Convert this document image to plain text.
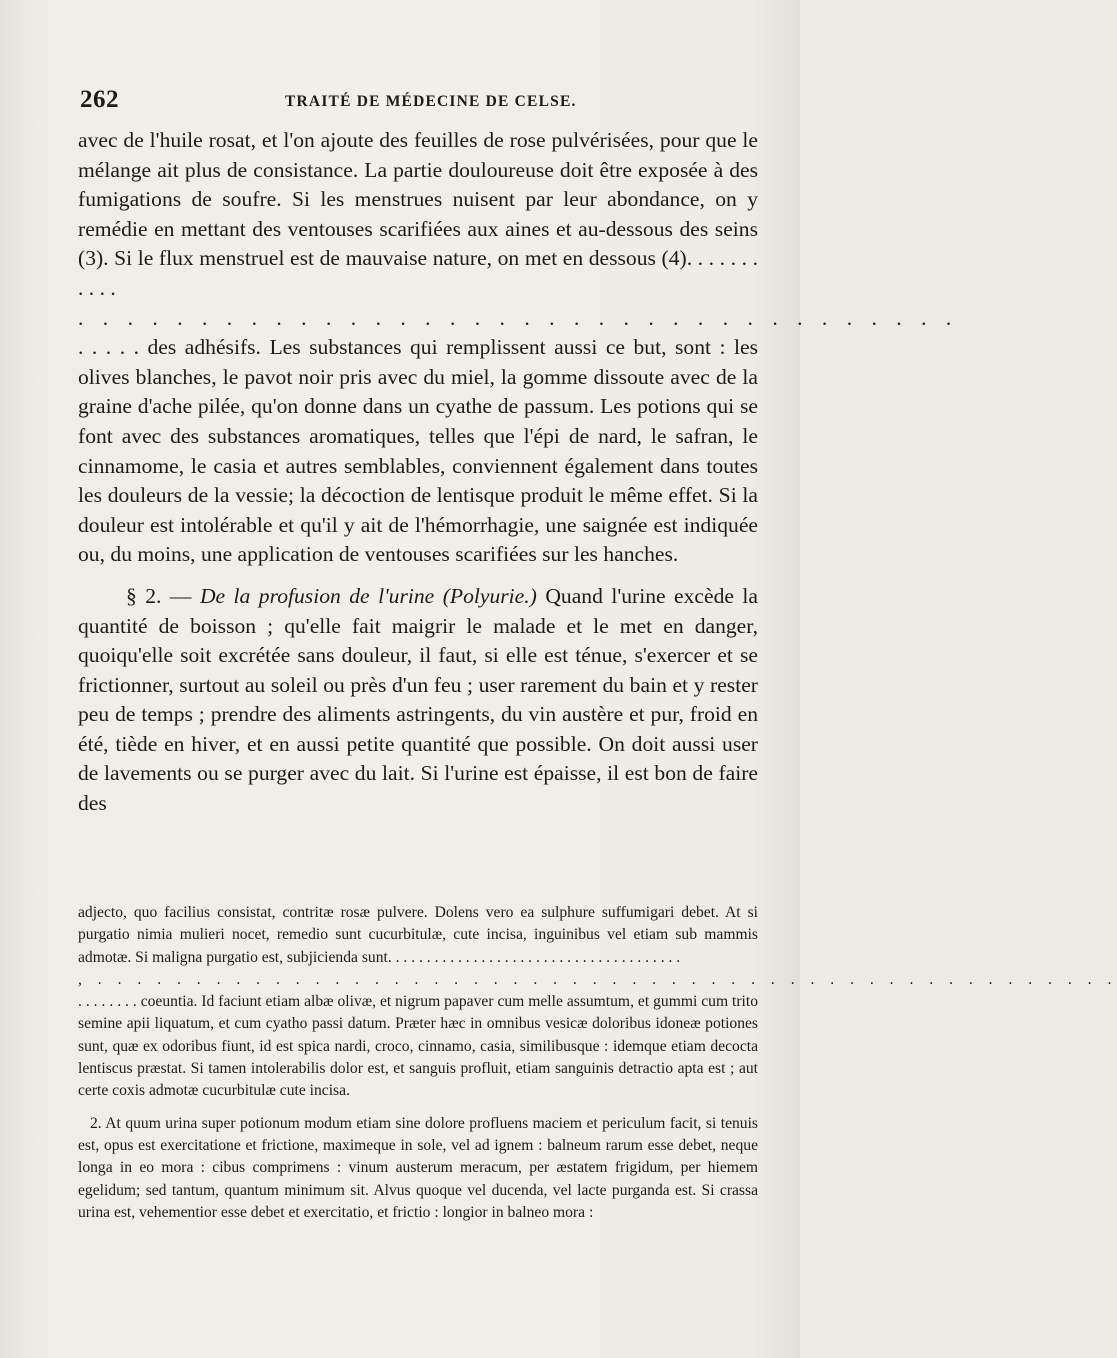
262	TRAITÉ DE MÉDECINE DE CELSE.

avec de l'huile rosat, et l'on ajoute des feuilles de rose pulvérisées, pour que le mélange ait plus de consistance. La partie douloureuse doit être exposée à des fumigations de soufre. Si les menstrues nuisent par leur abondance, on y remédie en mettant des ventouses scarifiées aux aines et au-dessous des seins (3). Si le flux menstruel est de mauvaise nature, on met en dessous (4). . . . . . . . . . .
. . . . . . . . . . . . . . . . . . . . . . . . . . . . . . . . . . . .
. . . . . des adhésifs. Les substances qui remplissent aussi ce but, sont : les olives blanches, le pavot noir pris avec du miel, la gomme dissoute avec de la graine d'ache pilée, qu'on donne dans un cyathe de passum. Les potions qui se font avec des substances aromatiques, telles que l'épi de nard, le safran, le cinnamome, le casia et autres semblables, conviennent également dans toutes les douleurs de la vessie; la décoction de lentisque produit le même effet. Si la douleur est intolérable et qu'il y ait de l'hémorrhagie, une saignée est indiquée ou, du moins, une application de ventouses scarifiées sur les hanches.

§ 2. — De la profusion de l'urine (Polyurie.) Quand l'urine excède la quantité de boisson ; qu'elle fait maigrir le malade et le met en danger, quoiqu'elle soit excrétée sans douleur, il faut, si elle est ténue, s'exercer et se frictionner, surtout au soleil ou près d'un feu ; user rarement du bain et y rester peu de temps ; prendre des aliments astringents, du vin austère et pur, froid en été, tiède en hiver, et en aussi petite quantité que possible. On doit aussi user de lavements ou se purger avec du lait. Si l'urine est épaisse, il est bon de faire des

adjecto, quo facilius consistat, contritæ rosæ pulvere. Dolens vero ea sulphure suffumigari debet. At si purgatio nimia mulieri nocet, remedio sunt cucurbitulæ, cute incisa, inguinibus vel etiam sub mammis admotæ. Si maligna purgatio est, subjicienda sunt. . . . . . . . . . . . . . . . . . . . . . . . . . . . . . . . . . . . . .
, . . . . . . . . . . . . . . . . . . . . . . . . . . . . . . . . . . . . . . . . . . . . . . . . . . . .
. . . . . . . . coeuntia. Id faciunt etiam albæ olivæ, et nigrum papaver cum melle assumtum, et gummi cum trito semine apii liquatum, et cum cyatho passi datum. Præter hæc in omnibus vesicæ doloribus idoneæ potiones sunt, quæ ex odoribus fiunt, id est spica nardi, croco, cinnamo, casia, similibusque : idemque etiam decocta lentiscus præstat. Si tamen intolerabilis dolor est, et sanguis profluit, etiam sanguinis detractio apta est ; aut certe coxis admotæ cucurbitulæ cute incisa.

2. At quum urina super potionum modum etiam sine dolore profluens maciem et periculum facit, si tenuis est, opus est exercitatione et frictione, maximeque in sole, vel ad ignem : balneum rarum esse debet, neque longa in eo mora : cibus comprimens : vinum austerum meracum, per æstatem frigidum, per hiemem egelidum; sed tantum, quantum minimum sit. Alvus quoque vel ducenda, vel lacte purganda est. Si crassa urina est, vehementior esse debet et exercitatio, et frictio : longior in balneo mora :
